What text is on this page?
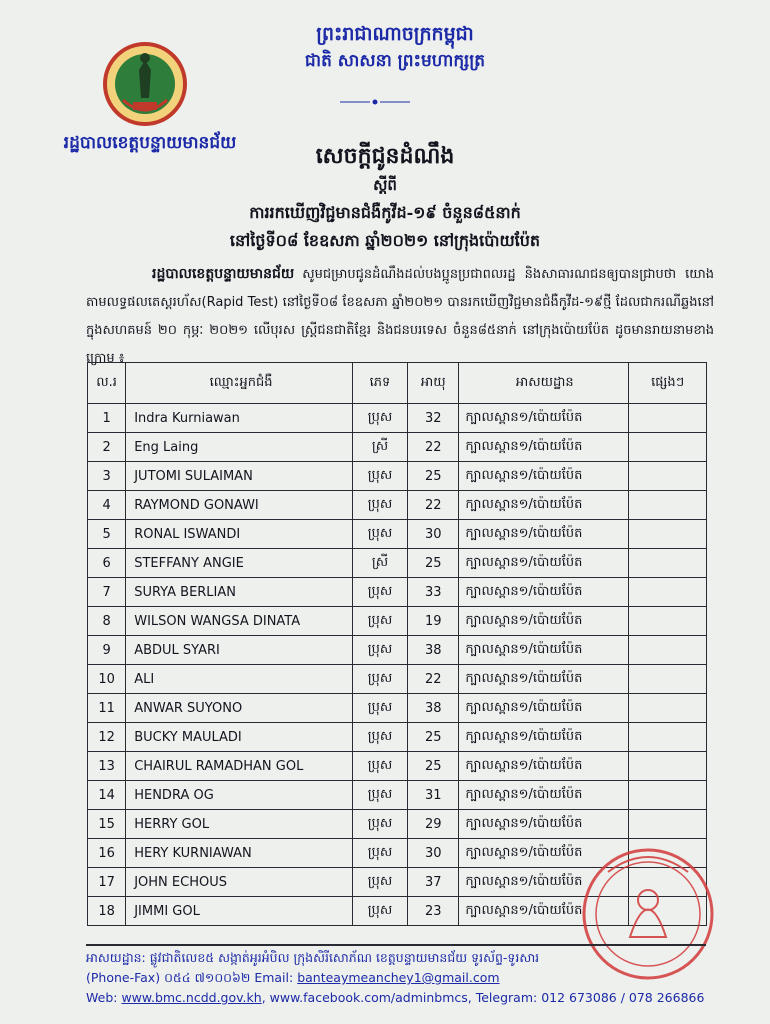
ព្រះរាជាណាចក្រកម្ពុជា
ជាតិ សាសនា ព្រះមហាក្សត្រ
រដ្ឋបាលខេត្តបន្ទាយមានជ័យ	សេចក្ដីជូនដំណឹង
ស្ដីពី
ការរកឃើញវិជ្ជមានជំងឺកូវីដ-១៩ ចំនួន៨៥នាក់
នៅថ្ងៃទី០៨ ខែឧសភា ឆ្នាំ២០២១ នៅក្រុងប៉ោយប៉ែត
រដ្ឋបាលខេត្តបន្ទាយមានជ័យ សូមជម្រាបជូនដំណឹងដល់បងប្អូនប្រជាពលរដ្ឋ និងសាធារណជនឲ្យបានជ្រាបថា យោងតាមលទ្ធផលតេស្តរហ័ស(Rapid Test) នៅថ្ងៃទី០៨ ខែឧសភា ឆ្នាំ២០២១ បានរកឃើញវិជ្ជមានជំងឺកូវីដ-១៩ថ្មី ដែលជាករណីឆ្លងនៅក្នុងសហគមន៍ ២០ កុម្ភៈ ២០២១ លើបុរស ស្ត្រីជនជាតិខ្មែរ និងជនបរទេស ចំនួន៨៥នាក់ នៅក្រុងប៉ោយប៉ែត ដូចមានរាយនាមខាងក្រោម ៖
ល.រ	ឈ្មោះអ្នកជំងឺ	ភេទ	អាយុ	អាសយដ្ឋាន	ផ្សេងៗ
1	Indra Kurniawan	ប្រុស	32	ក្បាលស្ពាន១/ប៉ោយប៉ែត	
2	Eng Laing	ស្រី	22	ក្បាលស្ពាន១/ប៉ោយប៉ែត	
3	JUTOMI SULAIMAN	ប្រុស	25	ក្បាលស្ពាន១/ប៉ោយប៉ែត	
4	RAYMOND GONAWI	ប្រុស	22	ក្បាលស្ពាន១/ប៉ោយប៉ែត	
5	RONAL ISWANDI	ប្រុស	30	ក្បាលស្ពាន១/ប៉ោយប៉ែត	
6	STEFFANY ANGIE	ស្រី	25	ក្បាលស្ពាន១/ប៉ោយប៉ែត	
7	SURYA BERLIAN	ប្រុស	33	ក្បាលស្ពាន១/ប៉ោយប៉ែត	
8	WILSON WANGSA DINATA	ប្រុស	19	ក្បាលស្ពាន១/ប៉ោយប៉ែត	
9	ABDUL SYARI	ប្រុស	38	ក្បាលស្ពាន១/ប៉ោយប៉ែត	
10	ALI	ប្រុស	22	ក្បាលស្ពាន១/ប៉ោយប៉ែត	
11	ANWAR SUYONO	ប្រុស	38	ក្បាលស្ពាន១/ប៉ោយប៉ែត	
12	BUCKY MAULADI	ប្រុស	25	ក្បាលស្ពាន១/ប៉ោយប៉ែត	
13	CHAIRUL RAMADHAN GOL	ប្រុស	25	ក្បាលស្ពាន១/ប៉ោយប៉ែត	
14	HENDRA OG	ប្រុស	31	ក្បាលស្ពាន១/ប៉ោយប៉ែត	
15	HERRY GOL	ប្រុស	29	ក្បាលស្ពាន១/ប៉ោយប៉ែត	
16	HERY KURNIAWAN	ប្រុស	30	ក្បាលស្ពាន១/ប៉ោយប៉ែត	
17	JOHN ECHOUS	ប្រុស	37	ក្បាលស្ពាន១/ប៉ោយប៉ែត	
18	JIMMI GOL	ប្រុស	23	ក្បាលស្ពាន១/ប៉ោយប៉ែត	
អាសយដ្ឋាន: ផ្លូវជាតិលេខ៥ សង្កាត់អូរអំបិល ក្រុងសិរីសោភ័ណ ខេត្តបន្ទាយមានជ័យ ទូរស័ព្ទ-ទូរសារ
(Phone-Fax) ០៥៤ ៧១០០៦២ Email: banteaymeanchey1@gmail.com
Web: www.bmc.ncdd.gov.kh, www.facebook.com/adminbmcs, Telegram: 012 673086 / 078 266866
